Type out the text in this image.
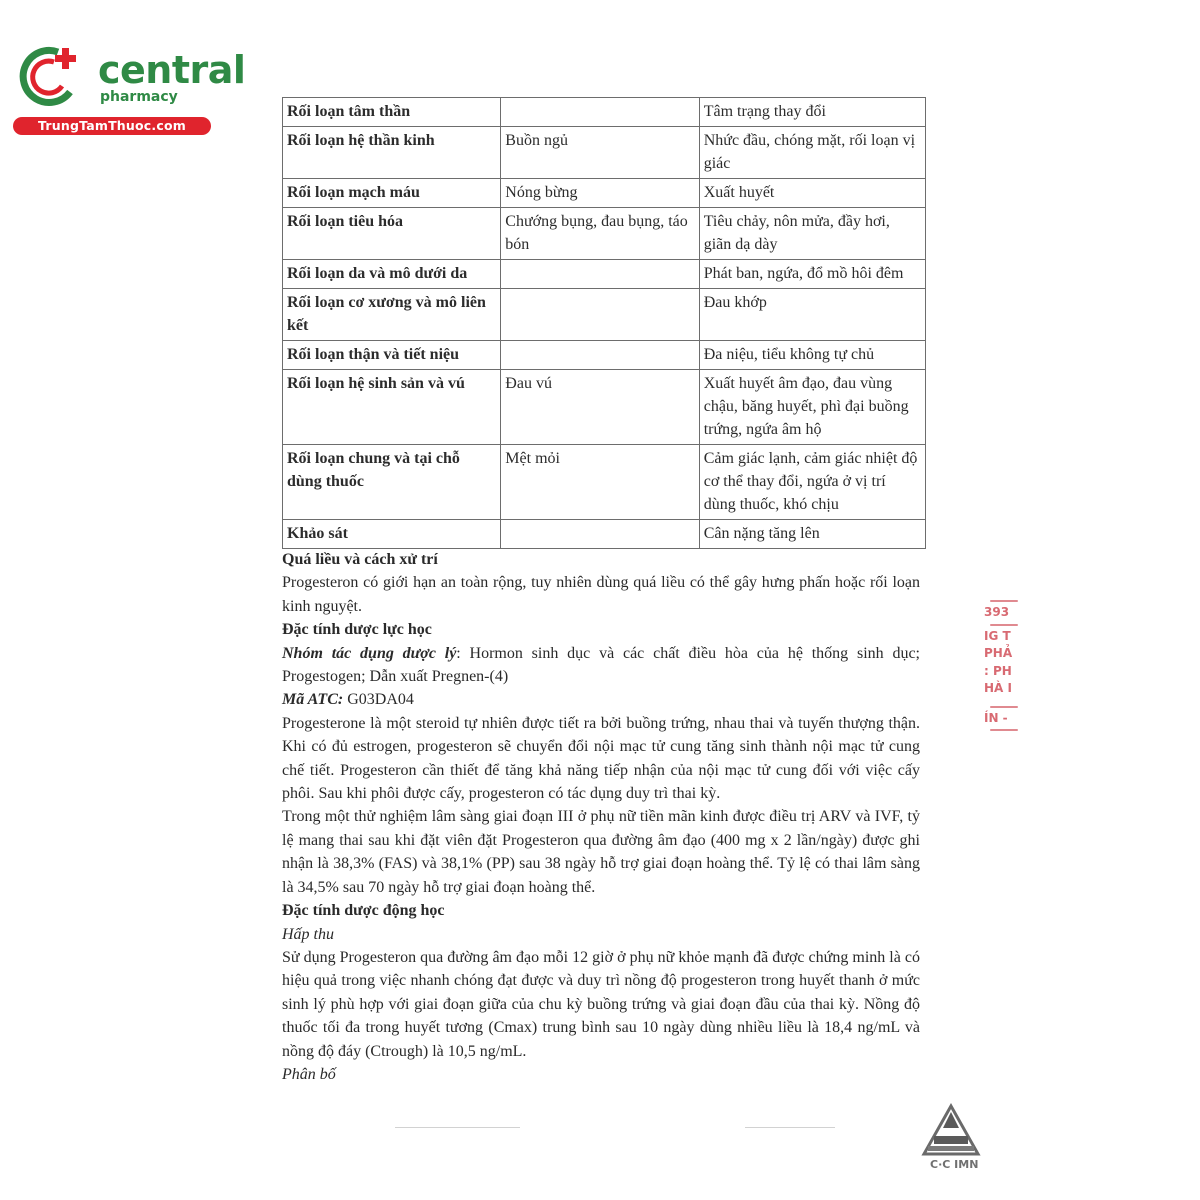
central
pharmacy
TrungTamThuoc.com
Rối loạn tâm thần		Tâm trạng thay đổi
Rối loạn hệ thần kinh	Buồn ngủ	Nhức đầu, chóng mặt, rối loạn vị giác
Rối loạn mạch máu	Nóng bừng	Xuất huyết
Rối loạn tiêu hóa	Chướng bụng, đau bụng, táo bón	Tiêu chảy, nôn mửa, đầy hơi, giãn dạ dày
Rối loạn da và mô dưới da		Phát ban, ngứa, đổ mồ hôi đêm
Rối loạn cơ xương và mô liên kết		Đau khớp
Rối loạn thận và tiết niệu		Đa niệu, tiểu không tự chủ
Rối loạn hệ sinh sản và vú	Đau vú	Xuất huyết âm đạo, đau vùng chậu, băng huyết, phì đại buồng trứng, ngứa âm hộ
Rối loạn chung và tại chỗ dùng thuốc	Mệt mỏi	Cảm giác lạnh, cảm giác nhiệt độ cơ thể thay đổi, ngứa ở vị trí dùng thuốc, khó chịu
Khảo sát		Cân nặng tăng lên

Quá liều và cách xử trí

Progesteron có giới hạn an toàn rộng, tuy nhiên dùng quá liều có thể gây hưng phấn hoặc rối loạn kinh nguyệt.

Đặc tính dược lực học

Nhóm tác dụng dược lý: Hormon sinh dục và các chất điều hòa của hệ thống sinh dục; Progestogen; Dẫn xuất Pregnen-(4)

Mã ATC: G03DA04

Progesterone là một steroid tự nhiên được tiết ra bởi buồng trứng, nhau thai và tuyến thượng thận. Khi có đủ estrogen, progesteron sẽ chuyển đổi nội mạc tử cung tăng sinh thành nội mạc tử cung chế tiết. Progesteron cần thiết để tăng khả năng tiếp nhận của nội mạc tử cung đối với việc cấy phôi. Sau khi phôi được cấy, progesteron có tác dụng duy trì thai kỳ.

Trong một thử nghiệm lâm sàng giai đoạn III ở phụ nữ tiền mãn kinh được điều trị ARV và IVF, tỷ lệ mang thai sau khi đặt viên đặt Progesteron qua đường âm đạo (400 mg x 2 lần/ngày) được ghi nhận là 38,3% (FAS) và 38,1% (PP) sau 38 ngày hỗ trợ giai đoạn hoàng thể. Tỷ lệ có thai lâm sàng là 34,5% sau 70 ngày hỗ trợ giai đoạn hoàng thể.

Đặc tính dược động học

Hấp thu

Sử dụng Progesteron qua đường âm đạo mỗi 12 giờ ở phụ nữ khỏe mạnh đã được chứng minh là có hiệu quả trong việc nhanh chóng đạt được và duy trì nồng độ progesteron trong huyết thanh ở mức sinh lý phù hợp với giai đoạn giữa của chu kỳ buồng trứng và giai đoạn đầu của thai kỳ. Nồng độ thuốc tối đa trong huyết tương (Cmax) trung bình sau 10 ngày dùng nhiều liều là 18,4 ng/mL và nồng độ đáy (Ctrough) là 10,5 ng/mL.

Phân bố

393
IG T
PHẢ
: PH
HÀ I
ÍN -
C·C IMN
